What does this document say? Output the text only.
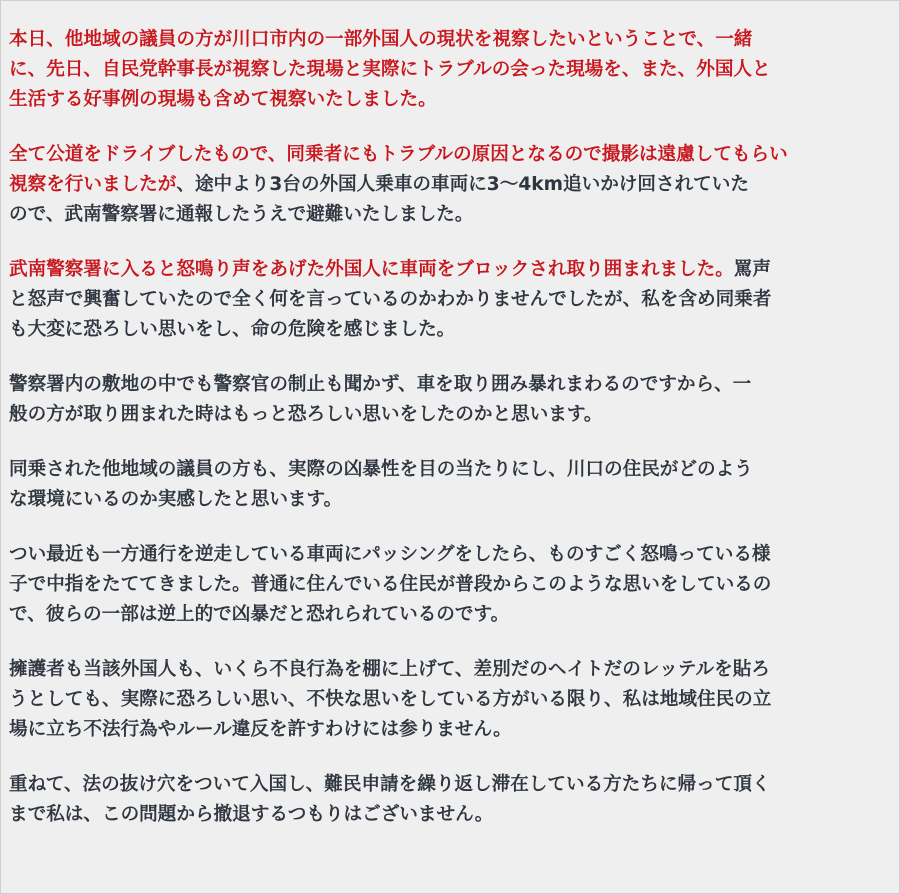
本日、他地域の議員の方が川口市内の一部外国人の現状を視察したいということで、一緒
に、先日、自民党幹事長が視察した現場と実際にトラブルの会った現場を、また、外国人と
生活する好事例の現場も含めて視察いたしました。

全て公道をドライブしたもので、同乗者にもトラブルの原因となるので撮影は遠慮してもらい
視察を行いましたが、途中より3台の外国人乗車の車両に3〜4km追いかけ回されていた
ので、武南警察署に通報したうえで避難いたしました。

武南警察署に入ると怒鳴り声をあげた外国人に車両をブロックされ取り囲まれました。罵声
と怒声で興奮していたので全く何を言っているのかわかりませんでしたが、私を含め同乗者
も大変に恐ろしい思いをし、命の危険を感じました。

警察署内の敷地の中でも警察官の制止も聞かず、車を取り囲み暴れまわるのですから、一
般の方が取り囲まれた時はもっと恐ろしい思いをしたのかと思います。

同乗された他地域の議員の方も、実際の凶暴性を目の当たりにし、川口の住民がどのよう
な環境にいるのか実感したと思います。

つい最近も一方通行を逆走している車両にパッシングをしたら、ものすごく怒鳴っている様
子で中指をたててきました。普通に住んでいる住民が普段からこのような思いをしているの
で、彼らの一部は逆上的で凶暴だと恐れられているのです。

擁護者も当該外国人も、いくら不良行為を棚に上げて、差別だのヘイトだのレッテルを貼ろ
うとしても、実際に恐ろしい思い、不快な思いをしている方がいる限り、私は地域住民の立
場に立ち不法行為やルール違反を許すわけには参りません。

重ねて、法の抜け穴をついて入国し、難民申請を繰り返し滞在している方たちに帰って頂く
まで私は、この問題から撤退するつもりはございません。
